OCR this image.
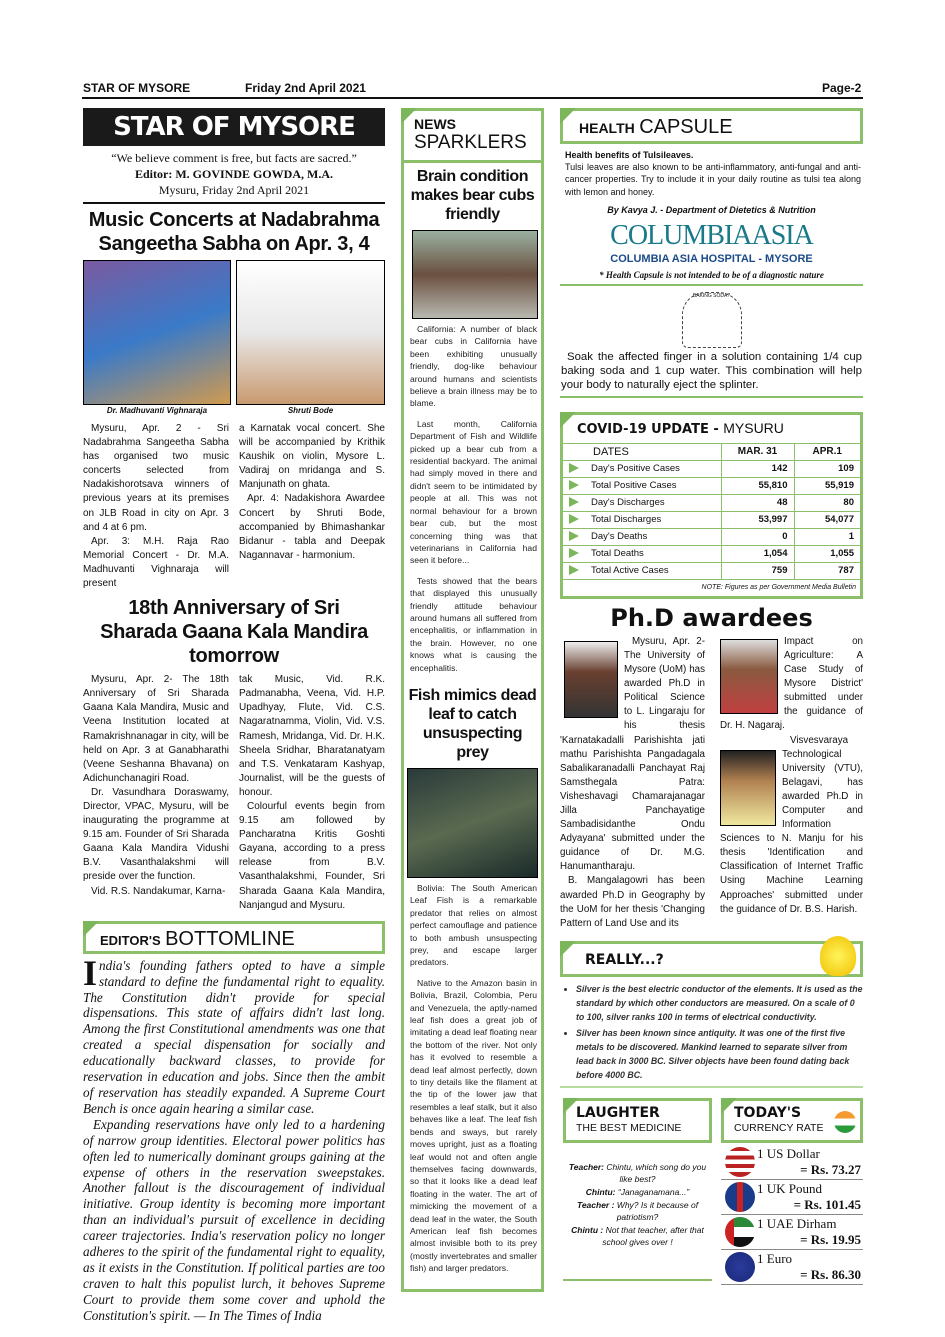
STAR OF MYSORE	Friday 2nd April 2021	Page-2
STAR OF MYSORE
“We believe comment is free, but facts are sacred.”
Editor: M. GOVINDE GOWDA, M.A.
Mysuru, Friday 2nd April 2021
Music Concerts at Nadabrahma Sangeetha Sabha on Apr. 3, 4
Dr. Madhuvanti Vighnaraja	Shruti Bode

Mysuru, Apr. 2 - Sri Nadabrahma Sangeetha Sabha has organised two music concerts selected from Nadakishorotsava winners of previous years at its premises on JLB Road in city on Apr. 3 and 4 at 6 pm.

Apr. 3: M.H. Raja Rao Memorial Concert - Dr. M.A. Madhuvanti Vighnaraja will present

a Karnatak vocal concert. She will be accompanied by Krithik Kaushik on violin, Mysore L. Vadiraj on mridanga and S. Manjunath on ghata.

Apr. 4: Nadakishora Awardee Concert by Shruti Bode, accompanied by Bhimashankar Bidanur - tabla and Deepak Nagannavar - harmonium.

18th Anniversary of Sri Sharada Gaana Kala Mandira tomorrow

Mysuru, Apr. 2- The 18th Anniversary of Sri Sharada Gaana Kala Mandira, Music and Veena Institution located at Ramakrishnanagar in city, will be held on Apr. 3 at Ganabharathi (Veene Seshanna Bhavana) on Adichunchanagiri Road.

Dr. Vasundhara Doraswamy, Director, VPAC, Mysuru, will be inaugurating the programme at 9.15 am. Founder of Sri Sharada Gaana Kala Mandira Vidushi B.V. Vasanthalakshmi will preside over the function.

Vid. R.S. Nandakumar, Karna-

tak Music, Vid. R.K. Padmanabha, Veena, Vid. H.P. Upadhyay, Flute, Vid. C.S. Nagaratnamma, Violin, Vid. V.S. Ramesh, Mridanga, Vid. Dr. H.K. Sheela Sridhar, Bharatanatyam and T.S. Venkataram Kashyap, Journalist, will be the guests of honour.

Colourful events begin from 9.15 am followed by Pancharatna Kritis Goshti Gayana, according to a press release from B.V. Vasanthalakshmi, Founder, Sri Sharada Gaana Kala Mandira, Nanjangud and Mysuru.

EDITOR'S BOTTOMLINE

India's founding fathers opted to have a simple standard to define the fundamental right to equality. The Constitution didn't provide for special dispensations. This state of affairs didn't last long. Among the first Constitutional amendments was one that created a special dispensation for socially and educationally backward classes, to provide for reservation in education and jobs. Since then the ambit of reservation has steadily expanded. A Supreme Court Bench is once again hearing a similar case.

Expanding reservations have only led to a hardening of narrow group identities. Electoral power politics has often led to numerically dominant groups gaining at the expense of others in the reservation sweepstakes. Another fallout is the discouragement of individual initiative. Group identity is becoming more important than an individual's pursuit of excellence in deciding career trajectories. India's reservation policy no longer adheres to the spirit of the fundamental right to equality, as it exists in the Constitution. If political parties are too craven to halt this populist lurch, it behoves Supreme Court to provide them some cover and uphold the Constitution's spirit. — In The Times of India

NEWS
SPARKLERS
Brain condition makes bear cubs friendly

California: A number of black bear cubs in California have been exhibiting unusually friendly, dog-like behaviour around humans and scientists believe a brain illness may be to blame.

Last month, California Department of Fish and Wildlife picked up a bear cub from a residential backyard. The animal had simply moved in there and didn't seem to be intimidated by people at all. This was not normal behaviour for a brown bear cub, but the most concerning thing was that veterinarians in California had seen it before...

Tests showed that the bears that displayed this unusually friendly attitude behaviour around humans all suffered from encephalitis, or inflammation in the brain. However, no one knows what is causing the encephalitis.

Fish mimics dead leaf to catch unsuspecting prey

Bolivia: The South American Leaf Fish is a remarkable predator that relies on almost perfect camouflage and patience to both ambush unsuspecting prey, and escape larger predators.

Native to the Amazon basin in Bolivia, Brazil, Colombia, Peru and Venezuela, the aptly-named leaf fish does a great job of imitating a dead leaf floating near the bottom of the river. Not only has it evolved to resemble a dead leaf almost perfectly, down to tiny details like the filament at the tip of the lower jaw that resembles a leaf stalk, but it also behaves like a leaf. The leaf fish bends and sways, but rarely moves upright, just as a floating leaf would not and often angle themselves facing downwards, so that it looks like a dead leaf floating in the water. The art of mimicking the movement of a dead leaf in the water, the South American leaf fish becomes almost invisible both to its prey (mostly invertebrates and smaller fish) and larger predators.

HEALTH CAPSULE
Health benefits of Tulsileaves.
Tulsi leaves are also known to be anti-inflammatory, anti-fungal and anti-cancer properties. Try to include it in your daily routine as tulsi tea along with lemon and honey.
By Kavya J. - Department of Dietetics & Nutrition
COLUMBIAASIA
COLUMBIA ASIA HOSPITAL - MYSORE
* Health Capsule is not intended to be of a diagnostic nature
BAKING SODA?
Soak the affected finger in a solution containing 1/4 cup baking soda and 1 cup water. This combination will help your body to naturally eject the splinter.
COVID-19 UPDATE - MYSURU
DATES	MAR. 31	APR.1
Day's Positive Cases	142	109
Total Positive Cases	55,810	55,919
Day's Discharges	48	80
Total Discharges	53,997	54,077
Day's Deaths	0	1
Total Deaths	1,054	1,055
Total Active Cases	759	787
NOTE: Figures as per Government Media Bulletin
Ph.D awardees

Mysuru, Apr. 2- The University of Mysore (UoM) has awarded Ph.D in Political Science to L. Lingaraju for his thesis 'Karnatakadalli Parishishta jati mathu Parishishta Pangadagala Sabalikaranadalli Panchayat Raj Samsthegala Patra: Visheshavagi Chamarajanagar Jilla Panchayatige Sambadisidanthe Ondu Adyayana' submitted under the guidance of Dr. M.G. Hanumantharaju.

B. Mangalagowri has been awarded Ph.D in Geography by the UoM for her thesis 'Changing Pattern of Land Use and its

Impact on Agriculture: A Case Study of Mysore District' submitted under the guidance of Dr. H. Nagaraj.

Visvesvaraya Technological University (VTU), Belagavi, has awarded Ph.D in Computer and Information Sciences to N. Manju for his thesis 'Identification and Classification of Internet Traffic Using Machine Learning Approaches' submitted under the guidance of Dr. B.S. Harish.

REALLY...?
• Silver is the best electric conductor of the elements. It is used as the standard by which other conductors are measured. On a scale of 0 to 100, silver ranks 100 in terms of electrical conductivity.
• Silver has been known since antiquity. It was one of the first five metals to be discovered. Mankind learned to separate silver from lead back in 3000 BC. Silver objects have been found dating back before 4000 BC.
LAUGHTER
THE BEST MEDICINE
Teacher: Chintu, which song do you like best?
Chintu: “Janaganamana...”
Teacher : Why? Is it because of patriotism?
Chintu : Not that teacher, after that school gives over !
TODAY'S
CURRENCY RATE
1 US Dollar
= Rs. 73.27
1 UK Pound
= Rs. 101.45
1 UAE Dirham
= Rs. 19.95
1 Euro
= Rs. 86.30
